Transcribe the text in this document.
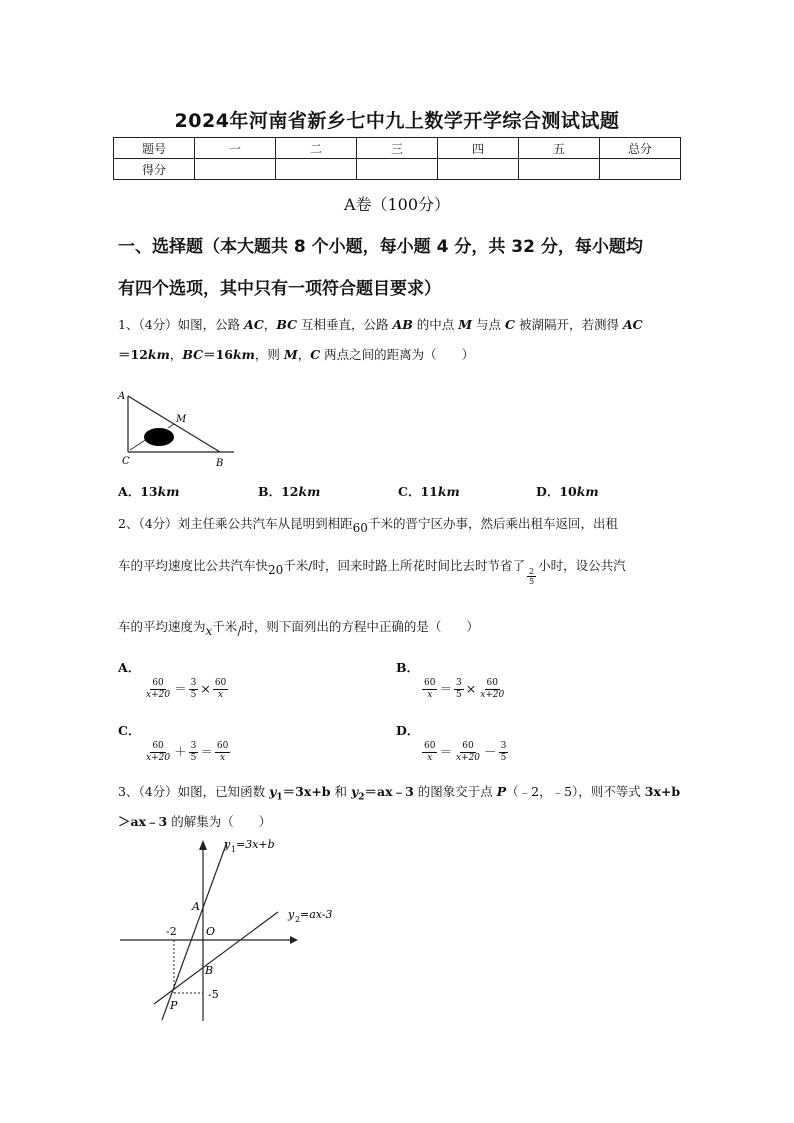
2024年河南省新乡七中九上数学开学综合测试试题
题号	一	二	三	四	五	总分
得分						
A卷（100分）
一、选择题（本大题共 8 个小题，每小题 4 分，共 32 分，每小题均
有四个选项，其中只有一项符合题目要求）
1、（4分）如图，公路 AC，BC 互相垂直，公路 AB 的中点 M 与点 C 被湖隔开，若测得 AC
＝12km，BC＝16km，则 M，C 两点之间的距离为（　　）
A
M
C	B
A．13km	B．12km	C．11km	D．10km
2、（4分）刘主任乘公共汽车从昆明到相距60千米的晋宁区办事，然后乘出租车返回，出租
车的平均速度比公共汽车快20千米/时，回来时路上所花时间比去时节省了
$\frac{2}{5}$
小时，设公共汽
车的平均速度为x千米/时，则下面列出的方程中正确的是（　　）
A．
$\frac{60}{x+20} = \frac{3}{5} \times \frac{60}{x}$
B．
$\frac{60}{x} = \frac{3}{5} \times \frac{60}{x+20}$
C．
$\frac{60}{x+20} + \frac{3}{5} = \frac{60}{x}$
D．
$\frac{60}{x} = \frac{60}{x+20} - \frac{3}{5}$
3、（4分）如图，已知函数 $y_1=3x+b$ 和 $y_2=ax﹣3$ 的图象交于点 P（﹣2，﹣5），则不等式 3x+b
＞ax﹣3 的解集为（　　）
y 1 =3x+b
y 2 =ax-3
A
O
B
P
-2
-5
